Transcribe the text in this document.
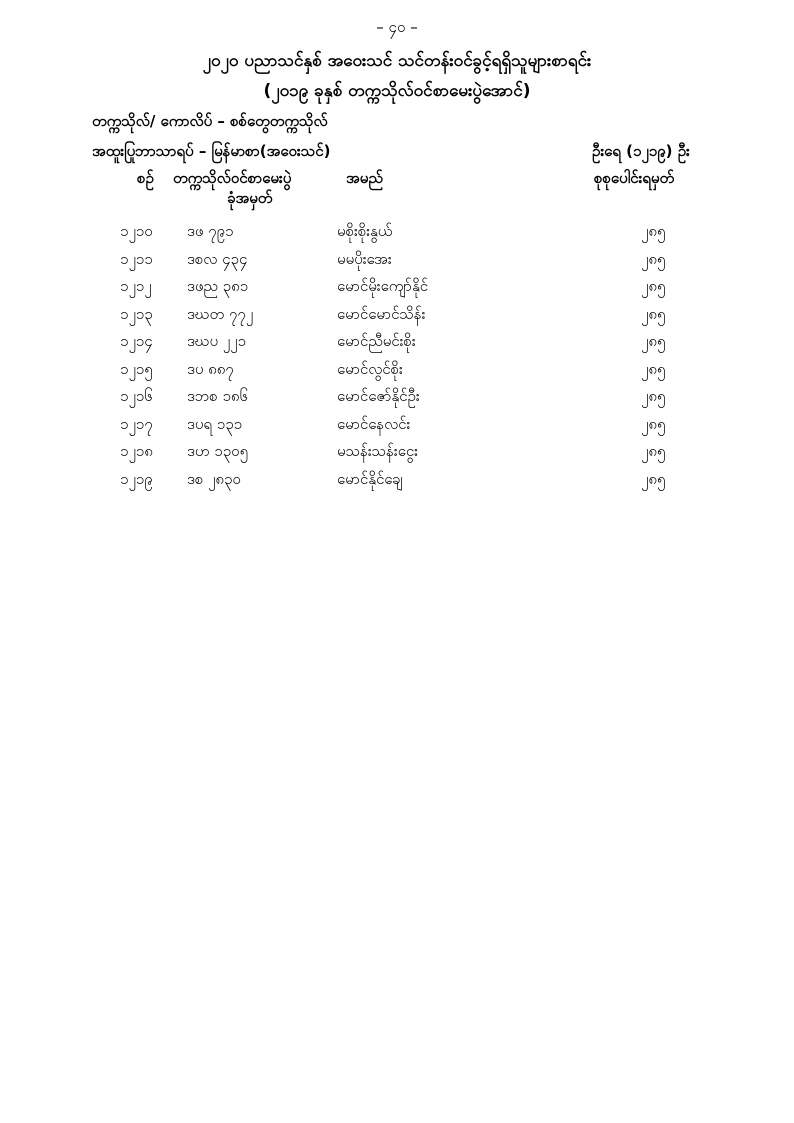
– ၄၀ –
၂၀၂၀ ပညာသင်နှစ် အဝေးသင် သင်တန်းဝင်ခွင့်ရရှိသူများစာရင်း
(၂၀၁၉ ခုနှစ် တက္ကသိုလ်ဝင်စာမေးပွဲအောင်)
တက္ကသိုလ်/ ကောလိပ် – စစ်တွေတက္ကသိုလ်
အထူးပြုဘာသာရပ် – မြန်မာစာ(အဝေးသင်)	ဦးရေ (၁၂၁၉) ဦး
စဉ် တက္ကသိုလ်ဝင်စာမေးပွဲ
ခုံအမှတ်
အမည်	စုစုပေါင်းရမှတ်
၁၂၁၀ ဒဖ ၇၉၁	မစိုးစိုးနွယ်	၂၈၅
၁၂၁၁ ဒစလ ၄၃၄	မမပိုးအေး	၂၈၅
၁၂၁၂ ဒဖည ၃၈၁	မောင်မိုးကျော်နိုင်	၂၈၅
၁၂၁၃ ဒဃတ ၇၇၂	မောင်မောင်သိန်း	၂၈၅
၁၂၁၄ ဒဃပ ၂၂၁	မောင်ညီမင်းစိုး	၂၈၅
၁၂၁၅ ဒပ ၈၈၇	မောင်လွင်စိုး	၂၈၅
၁၂၁၆ ဒဘစ ၁၈၆	မောင်ဇော်နိုင်ဦး	၂၈၅
၁၂၁၇ ဒပရ ၁၃၁	မောင်နေလင်း	၂၈၅
၁၂၁၈ ဒဟ ၁၃၀၅	မသန်းသန်းငွေး	၂၈၅
၁၂၁၉ ဒစ ၂၈၃၀	မောင်နိုင်ချေ	၂၈၅
